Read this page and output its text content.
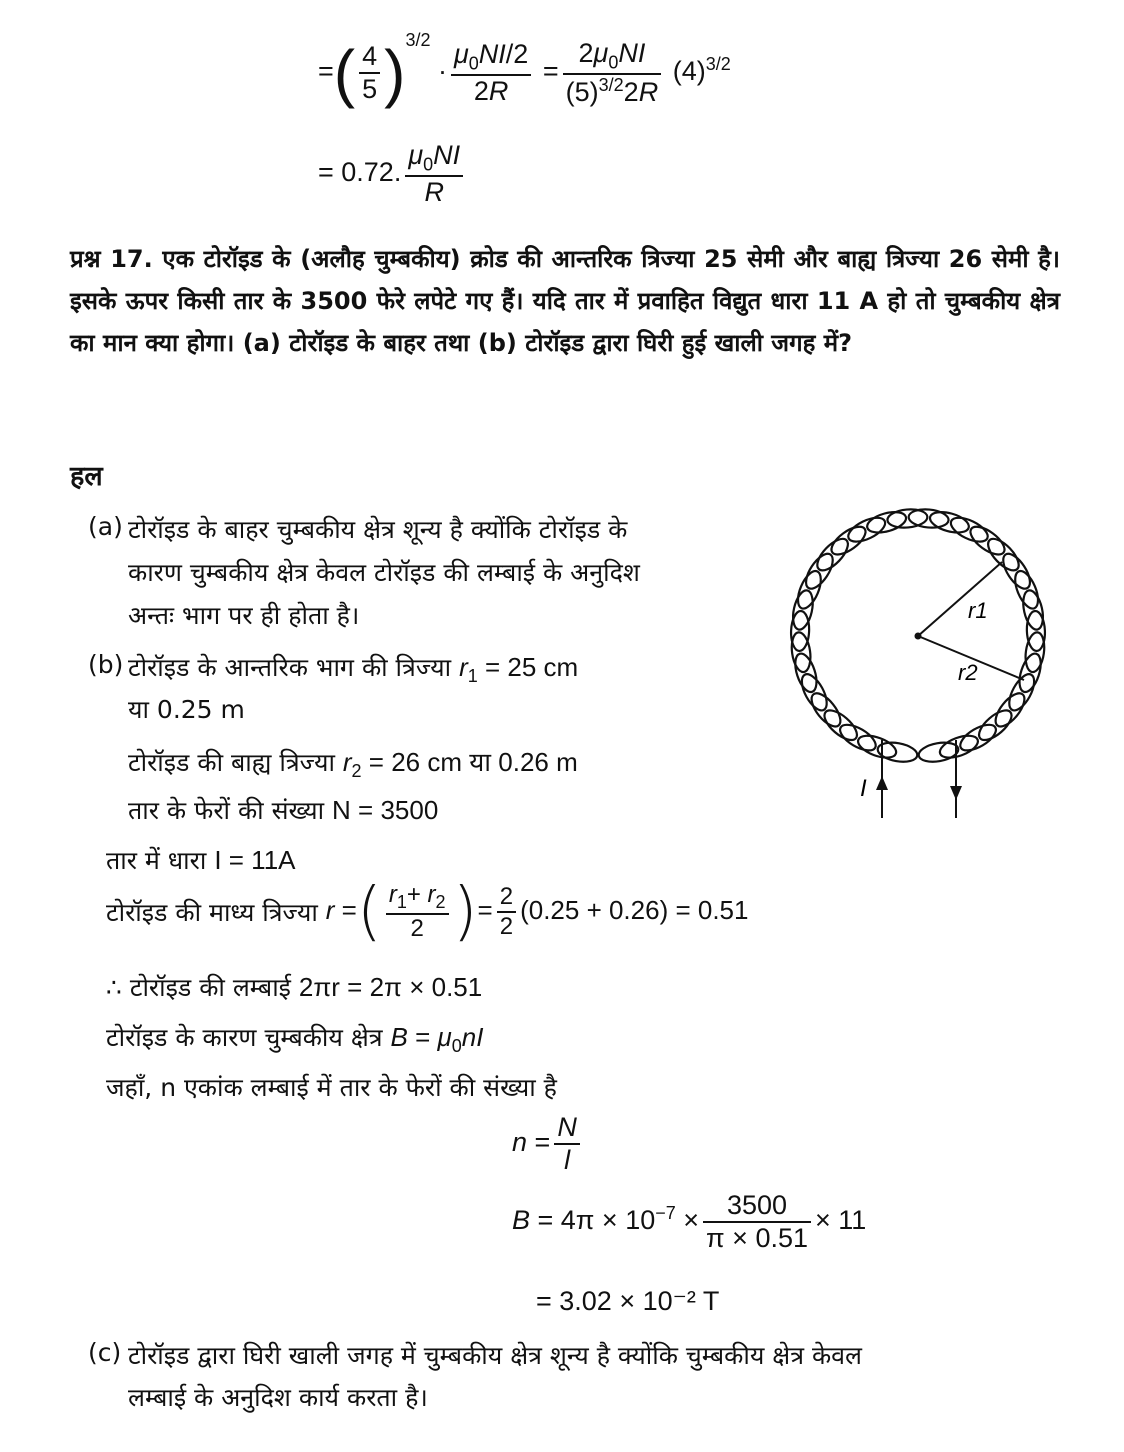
=( $\frac{4}{5} )^{3/2} \cdot \frac{\mu_0NI/2}{2R} = \frac{2\mu_0NI}{(5)^{3/2}2R} (4)^{3/2}$
= 0.72. $\frac{\mu_0NI}{R}$
प्रश्न 17. एक टोरॉइड के (अलौह चुम्बकीय) क्रोड की आन्तरिक त्रिज्या 25 सेमी और बाह्य त्रिज्या 26 सेमी है। इसके ऊपर किसी तार के 3500 फेरे लपेटे गए हैं। यदि तार में प्रवाहित विद्युत धारा 11 A हो तो चुम्बकीय क्षेत्र का मान क्या होगा। (a) टोरॉइड के बाहर तथा (b) टोरॉइड द्वारा घिरी हुई खाली जगह में?
हल
(a) टोरॉइड के बाहर चुम्बकीय क्षेत्र शून्य है क्योंकि टोरॉइड के
कारण चुम्बकीय क्षेत्र केवल टोरॉइड की लम्बाई के अनुदिश
अन्तः भाग पर ही होता है।
(b) टोरॉइड के आन्तरिक भाग की त्रिज्या $r_1 = 25$ cm
या 0.25 m
टोरॉइड की बाह्य त्रिज्या $r_2 = 26$ cm या 0.26 m
तार के फेरों की संख्या N = 3500
तार में धारा I = 11A
टोरॉइड की माध्य त्रिज्या r =( $\frac{r_1+ r_2}{2}$ )= $\frac{2}{2} (0.25 + 0.26) = 0.51$
∴ टोरॉइड की लम्बाई 2πr = 2π × 0.51
टोरॉइड के कारण चुम्बकीय क्षेत्र $B = \mu_0nI$
जहाँ, n एकांक लम्बाई में तार के फेरों की संख्या है
$n = \frac{N}{l}$
$B = 4\pi \times 10^{-7} \times \frac{3500}{\pi \times 0.51} \times 11$
= 3.02 × 10⁻² T
(c) टोरॉइड द्वारा घिरी खाली जगह में चुम्बकीय क्षेत्र शून्य है क्योंकि चुम्बकीय क्षेत्र केवल
लम्बाई के अनुदिश कार्य करता है।
r1
r2
I
